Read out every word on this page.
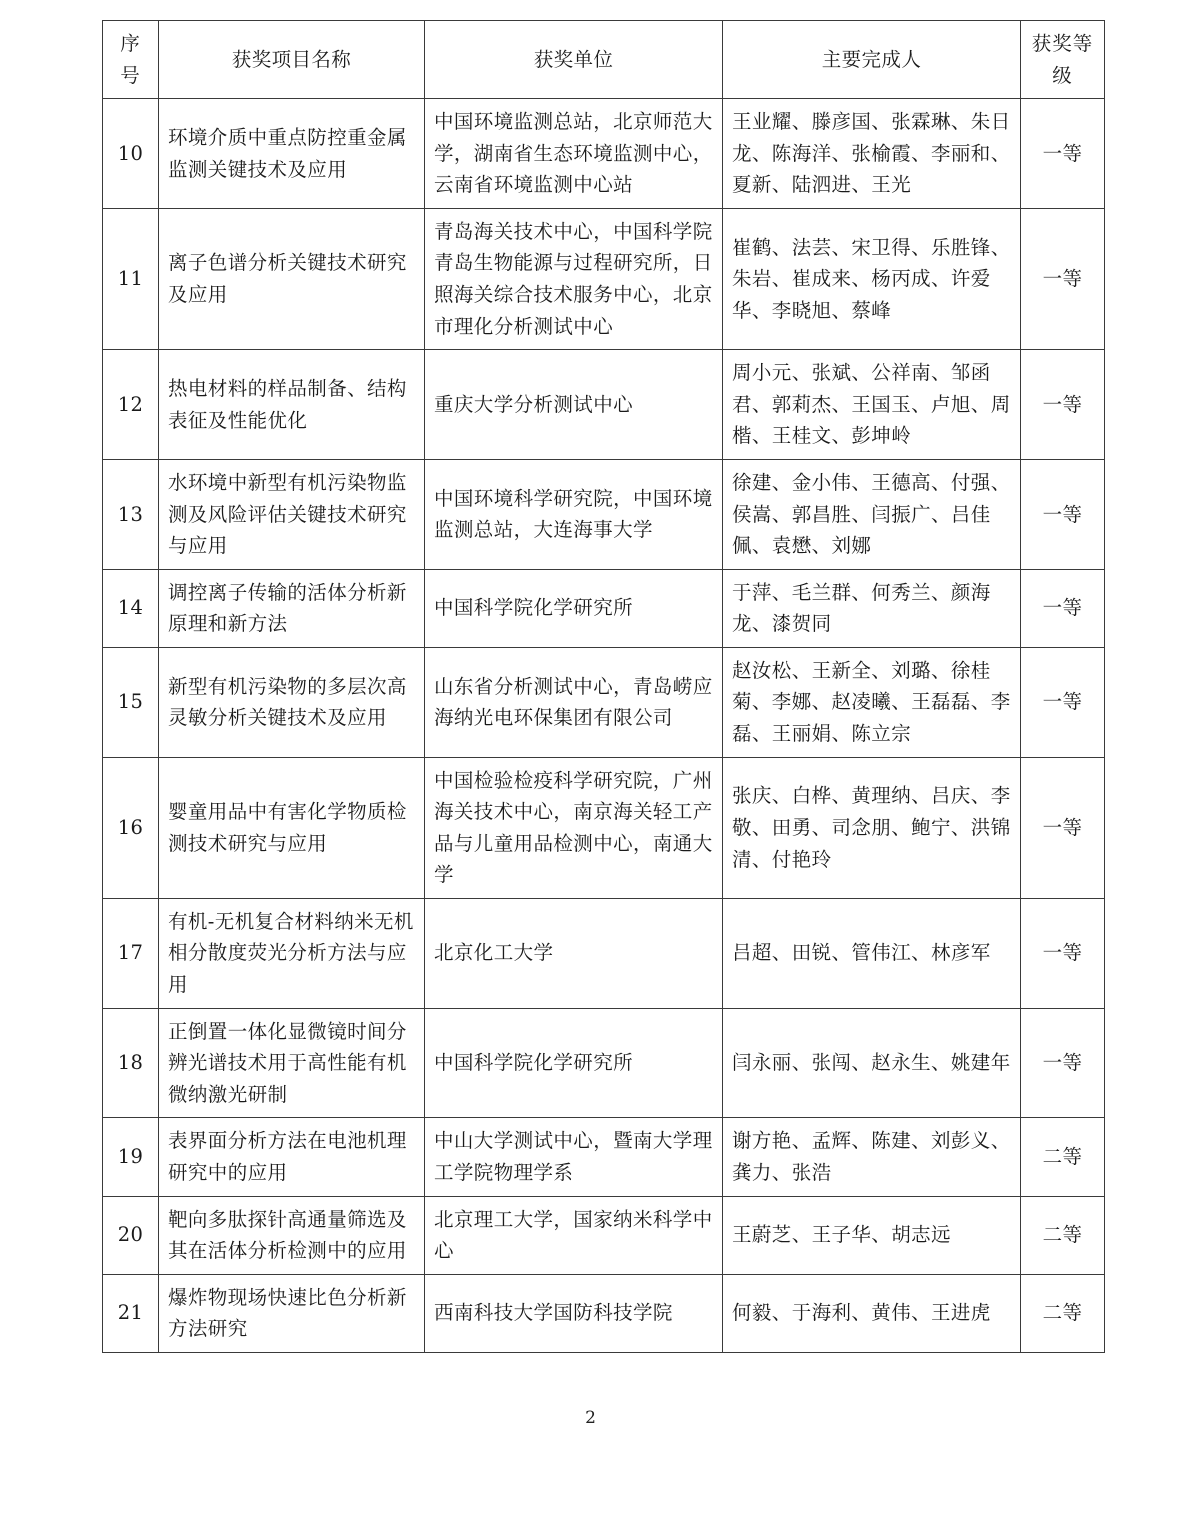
序号	获奖项目名称	获奖单位	主要完成人	获奖等级
10	环境介质中重点防控重金属监测关键技术及应用	中国环境监测总站，北京师范大学，湖南省生态环境监测中心，云南省环境监测中心站	王业耀、滕彦国、张霖琳、朱日龙、陈海洋、张榆霞、李丽和、夏新、陆泗进、王光	一等
11	离子色谱分析关键技术研究及应用	青岛海关技术中心，中国科学院青岛生物能源与过程研究所，日照海关综合技术服务中心，北京市理化分析测试中心	崔鹤、法芸、宋卫得、乐胜锋、朱岩、崔成来、杨丙成、许爱华、李晓旭、蔡峰	一等
12	热电材料的样品制备、结构表征及性能优化	重庆大学分析测试中心	周小元、张斌、公祥南、邹函君、郭莉杰、王国玉、卢旭、周楷、王桂文、彭坤岭	一等
13	水环境中新型有机污染物监测及风险评估关键技术研究与应用	中国环境科学研究院，中国环境监测总站，大连海事大学	徐建、金小伟、王德高、付强、侯嵩、郭昌胜、闫振广、吕佳佩、袁懋、刘娜	一等
14	调控离子传输的活体分析新原理和新方法	中国科学院化学研究所	于萍、毛兰群、何秀兰、颜海龙、漆贺同	一等
15	新型有机污染物的多层次高灵敏分析关键技术及应用	山东省分析测试中心，青岛崂应海纳光电环保集团有限公司	赵汝松、王新全、刘璐、徐桂菊、李娜、赵凌曦、王磊磊、李磊、王丽娟、陈立宗	一等
16	婴童用品中有害化学物质检测技术研究与应用	中国检验检疫科学研究院，广州海关技术中心，南京海关轻工产品与儿童用品检测中心，南通大学	张庆、白桦、黄理纳、吕庆、李敬、田勇、司念朋、鲍宁、洪锦清、付艳玲	一等
17	有机-无机复合材料纳米无机相分散度荧光分析方法与应用	北京化工大学	吕超、田锐、管伟江、林彦军	一等
18	正倒置一体化显微镜时间分辨光谱技术用于高性能有机微纳激光研制	中国科学院化学研究所	闫永丽、张闯、赵永生、姚建年	一等
19	表界面分析方法在电池机理研究中的应用	中山大学测试中心，暨南大学理工学院物理学系	谢方艳、孟辉、陈建、刘彭义、龚力、张浩	二等
20	靶向多肽探针高通量筛选及其在活体分析检测中的应用	北京理工大学，国家纳米科学中心	王蔚芝、王子华、胡志远	二等
21	爆炸物现场快速比色分析新方法研究	西南科技大学国防科技学院	何毅、于海利、黄伟、王进虎	二等
2
